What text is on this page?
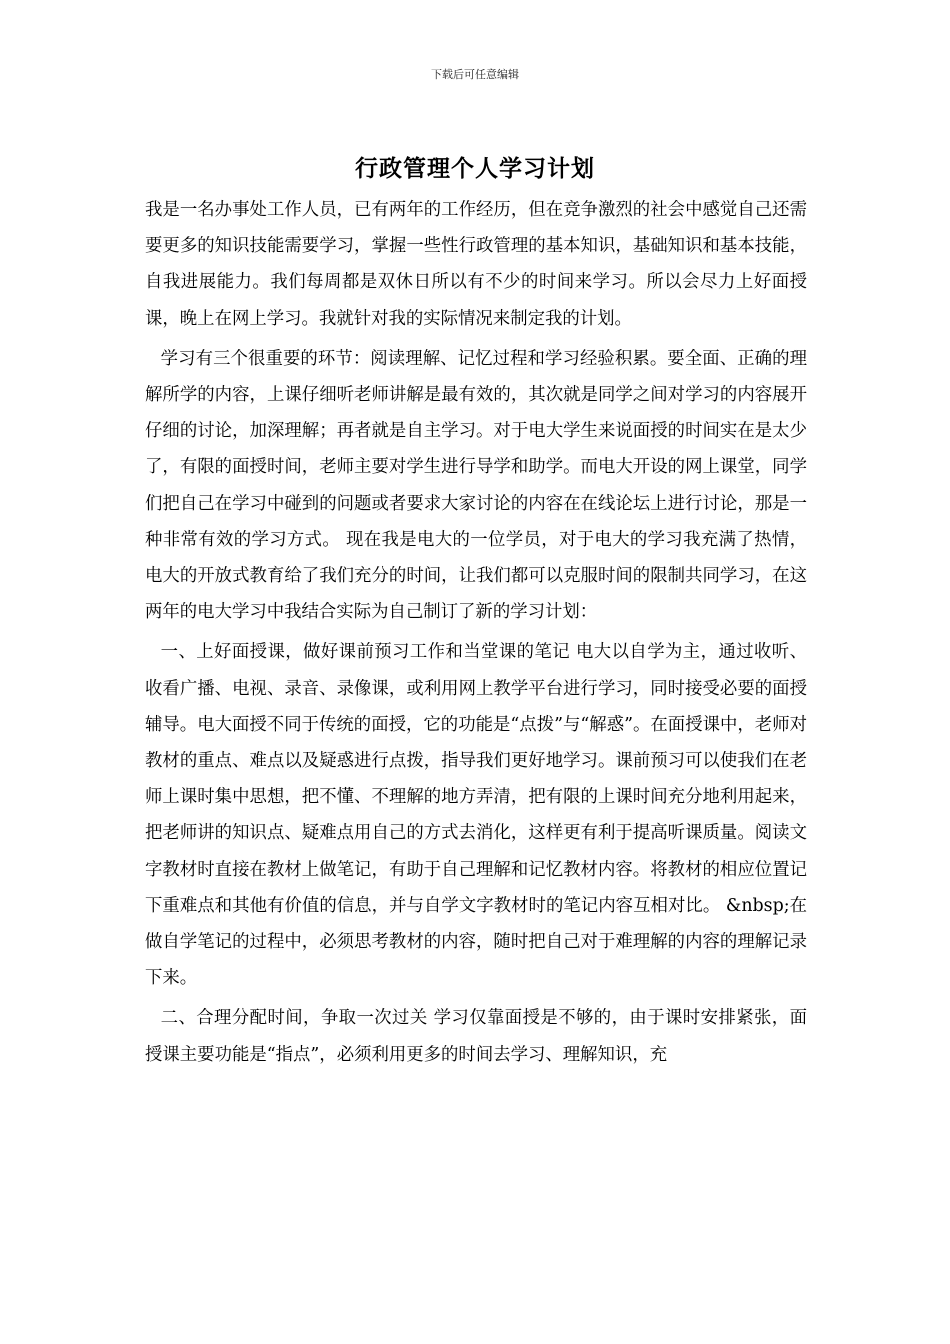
下载后可任意编辑
行政管理个人学习计划

我是一名办事处工作人员，已有两年的工作经历，但在竞争激烈的社会中感觉自己还需要更多的知识技能需要学习，掌握一些性行政管理的基本知识，基础知识和基本技能，自我进展能力。我们每周都是双休日所以有不少的时间来学习。所以会尽力上好面授课，晚上在网上学习。我就针对我的实际情况来制定我的计划。

学习有三个很重要的环节：阅读理解、记忆过程和学习经验积累。要全面、正确的理解所学的内容，上课仔细听老师讲解是最有效的，其次就是同学之间对学习的内容展开仔细的讨论，加深理解；再者就是自主学习。对于电大学生来说面授的时间实在是太少了，有限的面授时间，老师主要对学生进行导学和助学。而电大开设的网上课堂，同学们把自己在学习中碰到的问题或者要求大家讨论的内容在在线论坛上进行讨论，那是一种非常有效的学习方式。 现在我是电大的一位学员，对于电大的学习我充满了热情，电大的开放式教育给了我们充分的时间，让我们都可以克服时间的限制共同学习，在这两年的电大学习中我结合实际为自己制订了新的学习计划：

一、上好面授课，做好课前预习工作和当堂课的笔记 电大以自学为主，通过收听、收看广播、电视、录音、录像课，或利用网上教学平台进行学习，同时接受必要的面授辅导。电大面授不同于传统的面授，它的功能是“点拨”与“解惑”。在面授课中，老师对教材的重点、难点以及疑惑进行点拨，指导我们更好地学习。课前预习可以使我们在老师上课时集中思想，把不懂、不理解的地方弄清，把有限的上课时间充分地利用起来，把老师讲的知识点、疑难点用自己的方式去消化，这样更有利于提高听课质量。阅读文字教材时直接在教材上做笔记，有助于自己理解和记忆教材内容。将教材的相应位置记下重难点和其他有价值的信息，并与自学文字教材时的笔记内容互相对比。 &nbsp;在做自学笔记的过程中，必须思考教材的内容，随时把自己对于难理解的内容的理解记录下来。

二、合理分配时间，争取一次过关 学习仅靠面授是不够的，由于课时安排紧张，面授课主要功能是“指点”，必须利用更多的时间去学习、理解知识，充
